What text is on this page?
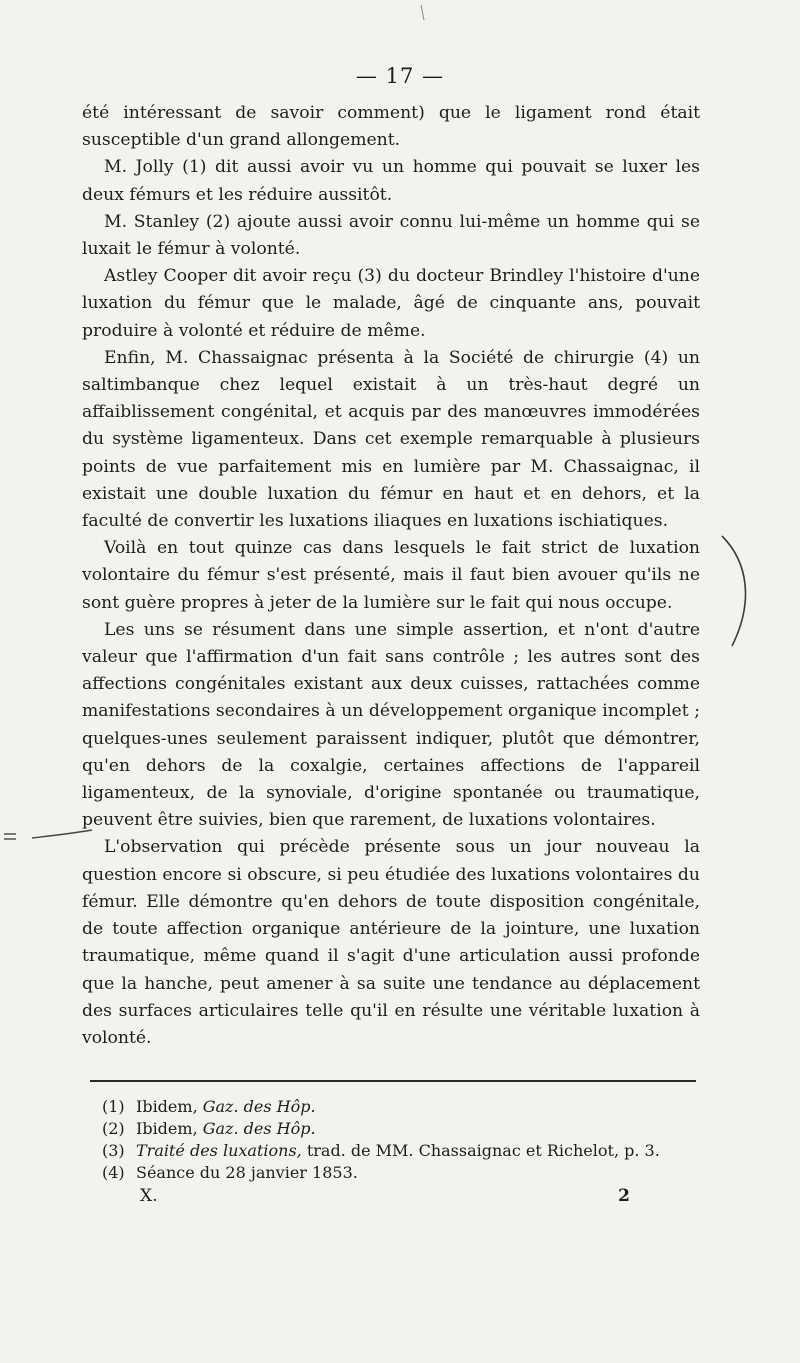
— 17 —

été intéressant de savoir comment) que le ligament rond était susceptible d'un grand allongement.

M. Jolly (1) dit aussi avoir vu un homme qui pouvait se luxer les deux fémurs et les réduire aussitôt.

M. Stanley (2) ajoute aussi avoir connu lui-même un homme qui se luxait le fémur à volonté.

Astley Cooper dit avoir reçu (3) du docteur Brindley l'histoire d'une luxation du fémur que le malade, âgé de cinquante ans, pouvait produire à volonté et réduire de même.

Enfin, M. Chassaignac présenta à la Société de chirurgie (4) un saltimbanque chez lequel existait à un très-haut degré un affaiblissement congénital, et acquis par des manœuvres immodérées du système ligamenteux. Dans cet exemple remarquable à plusieurs points de vue parfaitement mis en lumière par M. Chassaignac, il existait une double luxation du fémur en haut et en dehors, et la faculté de convertir les luxations iliaques en luxations ischiatiques.

Voilà en tout quinze cas dans lesquels le fait strict de luxation volontaire du fémur s'est présenté, mais il faut bien avouer qu'ils ne sont guère propres à jeter de la lumière sur le fait qui nous occupe.

Les uns se résument dans une simple assertion, et n'ont d'autre valeur que l'affirmation d'un fait sans contrôle ; les autres sont des affections congénitales existant aux deux cuisses, rattachées comme manifestations secondaires à un développement organique incomplet ; quelques-unes seulement paraissent indiquer, plutôt que démontrer, qu'en dehors de la coxalgie, certaines affections de l'appareil ligamenteux, de la synoviale, d'origine spontanée ou traumatique, peuvent être suivies, bien que rarement, de luxations volontaires.

L'observation qui précède présente sous un jour nouveau la question encore si obscure, si peu étudiée des luxations volontaires du fémur. Elle démontre qu'en dehors de toute disposition congénitale, de toute affection organique antérieure de la jointure, une luxation traumatique, même quand il s'agit d'une articulation aussi profonde que la hanche, peut amener à sa suite une tendance au déplacement des surfaces articulaires telle qu'il en résulte une véritable luxation à volonté.

(1) Ibidem, Gaz. des Hôp.
(2) Ibidem, Gaz. des Hôp.
(3) Traité des luxations, trad. de MM. Chassaignac et Richelot, p. 3.
(4) Séance du 28 janvier 1853.
X.	2
